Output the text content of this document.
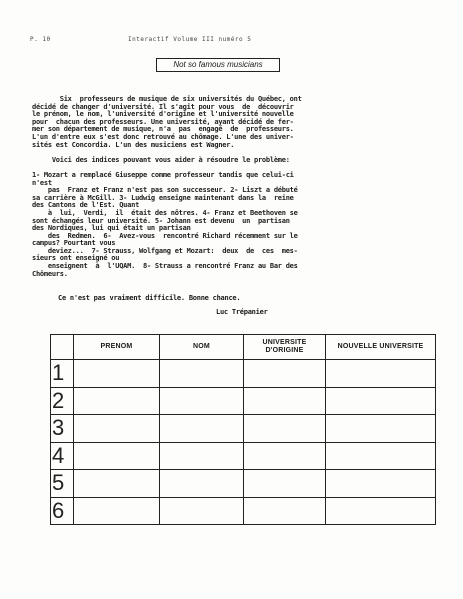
P. 10	Interactif Volume III numéro 5
Not so famous musicians
Six  professeurs de musique de six universités du Québec, ont
décidé de changer d'université. Il s'agit pour vous  de  découvrir
le prénom, le nom, l'université d'origine et l'université nouvelle
pour  chacun des professeurs. Une université, ayant décidé de fer-
mer son département de musique, n'a  pas  engagé  de  professeurs.
L'un d'entre eux s'est donc retrouvé au chômage. L'une des univer-
sités est Concordia. L'un des musiciens est Wagner.

Voici des indices pouvant vous aider à résoudre le problème:

1- Mozart a remplacé Giuseppe comme professeur tandis que celui-ci
n'est
pas  Franz et Franz n'est pas son successeur. 2- Liszt a débuté
sa carrière à McGill. 3- Ludwig enseigne maintenant dans la  reine
des Cantons de l'Est. Quant
à  lui,  Verdi,  il  était des nôtres. 4- Franz et Beethoven se
sont échangés leur université. 5- Johann est devenu  un  partisan
des Nordiques, lui qui était un partisan
des  Redmen.  6-  Avez-vous  rencontré Richard récemment sur le
campus? Pourtant vous
deviez...  7- Strauss, Wolfgang et Mozart:  deux  de  ces  mes-
sieurs ont enseigné ou
enseignent  à  l'UQAM.  8- Strauss a rencontré Franz au Bar des
Chômeurs.
Ce n'est pas vraiment difficile. Bonne chance.
Luc Trépanier
	PRENOM	NOM	UNIVERSITE D'ORIGINE	NOUVELLE UNIVERSITE
1				
2				
3				
4				
5				
6				
